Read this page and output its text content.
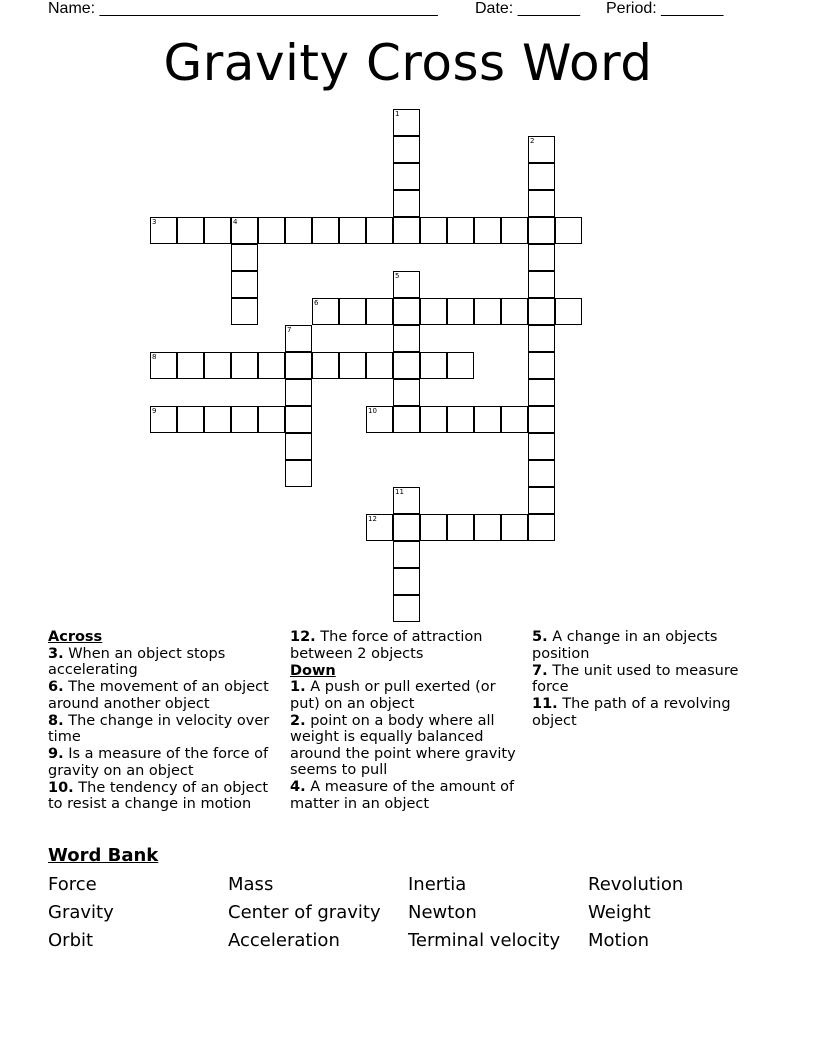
Name: ______________________________________ Date: _______ Period: _______
Gravity Cross Word
1
2
3	4
5
6
7
8
9	10
11
12
Across
3. When an object stops accelerating
6. The movement of an object around another object
8. The change in velocity over time
9. Is a measure of the force of gravity on an object
10. The tendency of an object to resist a change in motion
12. The force of attraction between 2 objects
Down
1. A push or pull exerted (or put) on an object
2. point on a body where all weight is equally balanced around the point where gravity seems to pull
4. A measure of the amount of matter in an object
5. A change in an objects position
7. The unit used to measure force
11. The path of a revolving object
Word Bank
Force	Mass	Inertia	Revolution
Gravity	Center of gravity Newton	Weight
Orbit	Acceleration	Terminal velocity Motion
